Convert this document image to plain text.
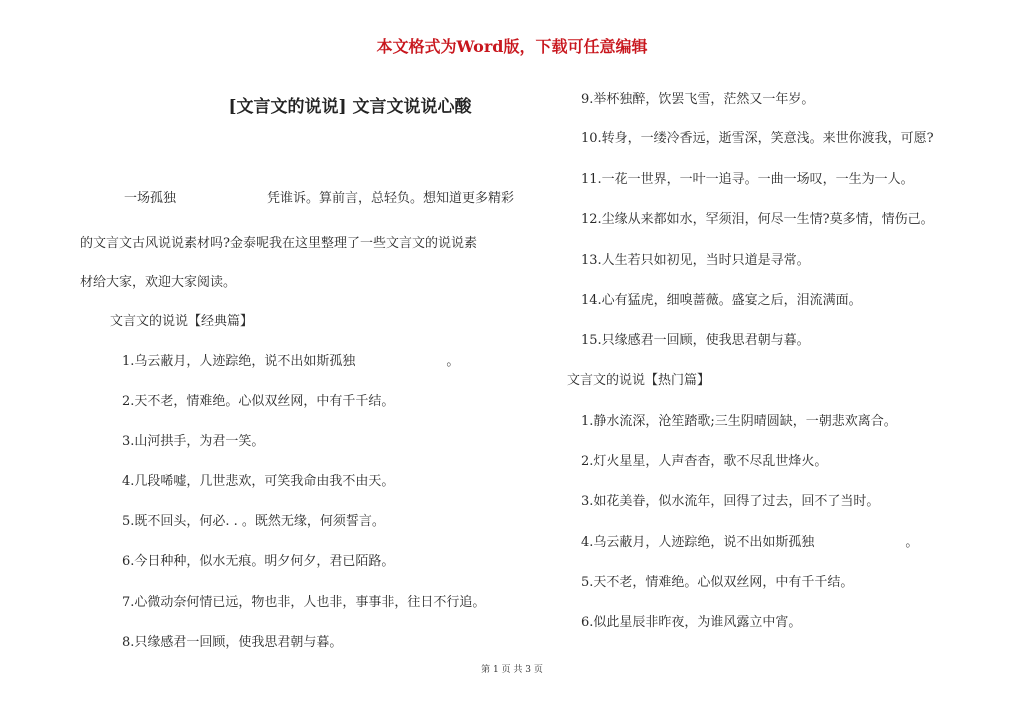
本文格式为Word版，下载可任意编辑
[文言文的说说] 文言文说说心酸
一场孤独　　　　　　　凭谁诉。算前言，总轻负。想知道更多精彩
的文言文古风说说素材吗?金泰呢我在这里整理了一些文言文的说说素
材给大家，欢迎大家阅读。
文言文的说说【经典篇】
1.乌云蔽月，人迹踪绝，说不出如斯孤独　　　　　　　。
2.天不老，情难绝。心似双丝网，中有千千结。
3.山河拱手，为君一笑。
4.几段唏嘘，几世悲欢，可笑我命由我不由天。
5.既不回头，何必. . 。既然无缘，何须誓言。
6.今日种种，似水无痕。明夕何夕，君已陌路。
7.心微动奈何情已远，物也非，人也非，事事非，往日不行追。
8.只缘感君一回顾，使我思君朝与暮。
9.举杯独醉，饮罢飞雪，茫然又一年岁。
10.转身，一缕冷香远，逝雪深，笑意浅。来世你渡我，可愿?
11.一花一世界，一叶一追寻。一曲一场叹，一生为一人。
12.尘缘从来都如水，罕须泪，何尽一生情?莫多情，情伤己。
13.人生若只如初见，当时只道是寻常。
14.心有猛虎，细嗅蔷薇。盛宴之后，泪流满面。
15.只缘感君一回顾，使我思君朝与暮。
文言文的说说【热门篇】
1.静水流深，沧笙踏歌;三生阴晴圆缺，一朝悲欢离合。
2.灯火星星，人声杳杳，歌不尽乱世烽火。
3.如花美眷，似水流年，回得了过去，回不了当时。
4.乌云蔽月，人迹踪绝，说不出如斯孤独　　　　　　　。
5.天不老，情难绝。心似双丝网，中有千千结。
6.似此星辰非昨夜，为谁风露立中宵。
第 1 页 共 3 页
